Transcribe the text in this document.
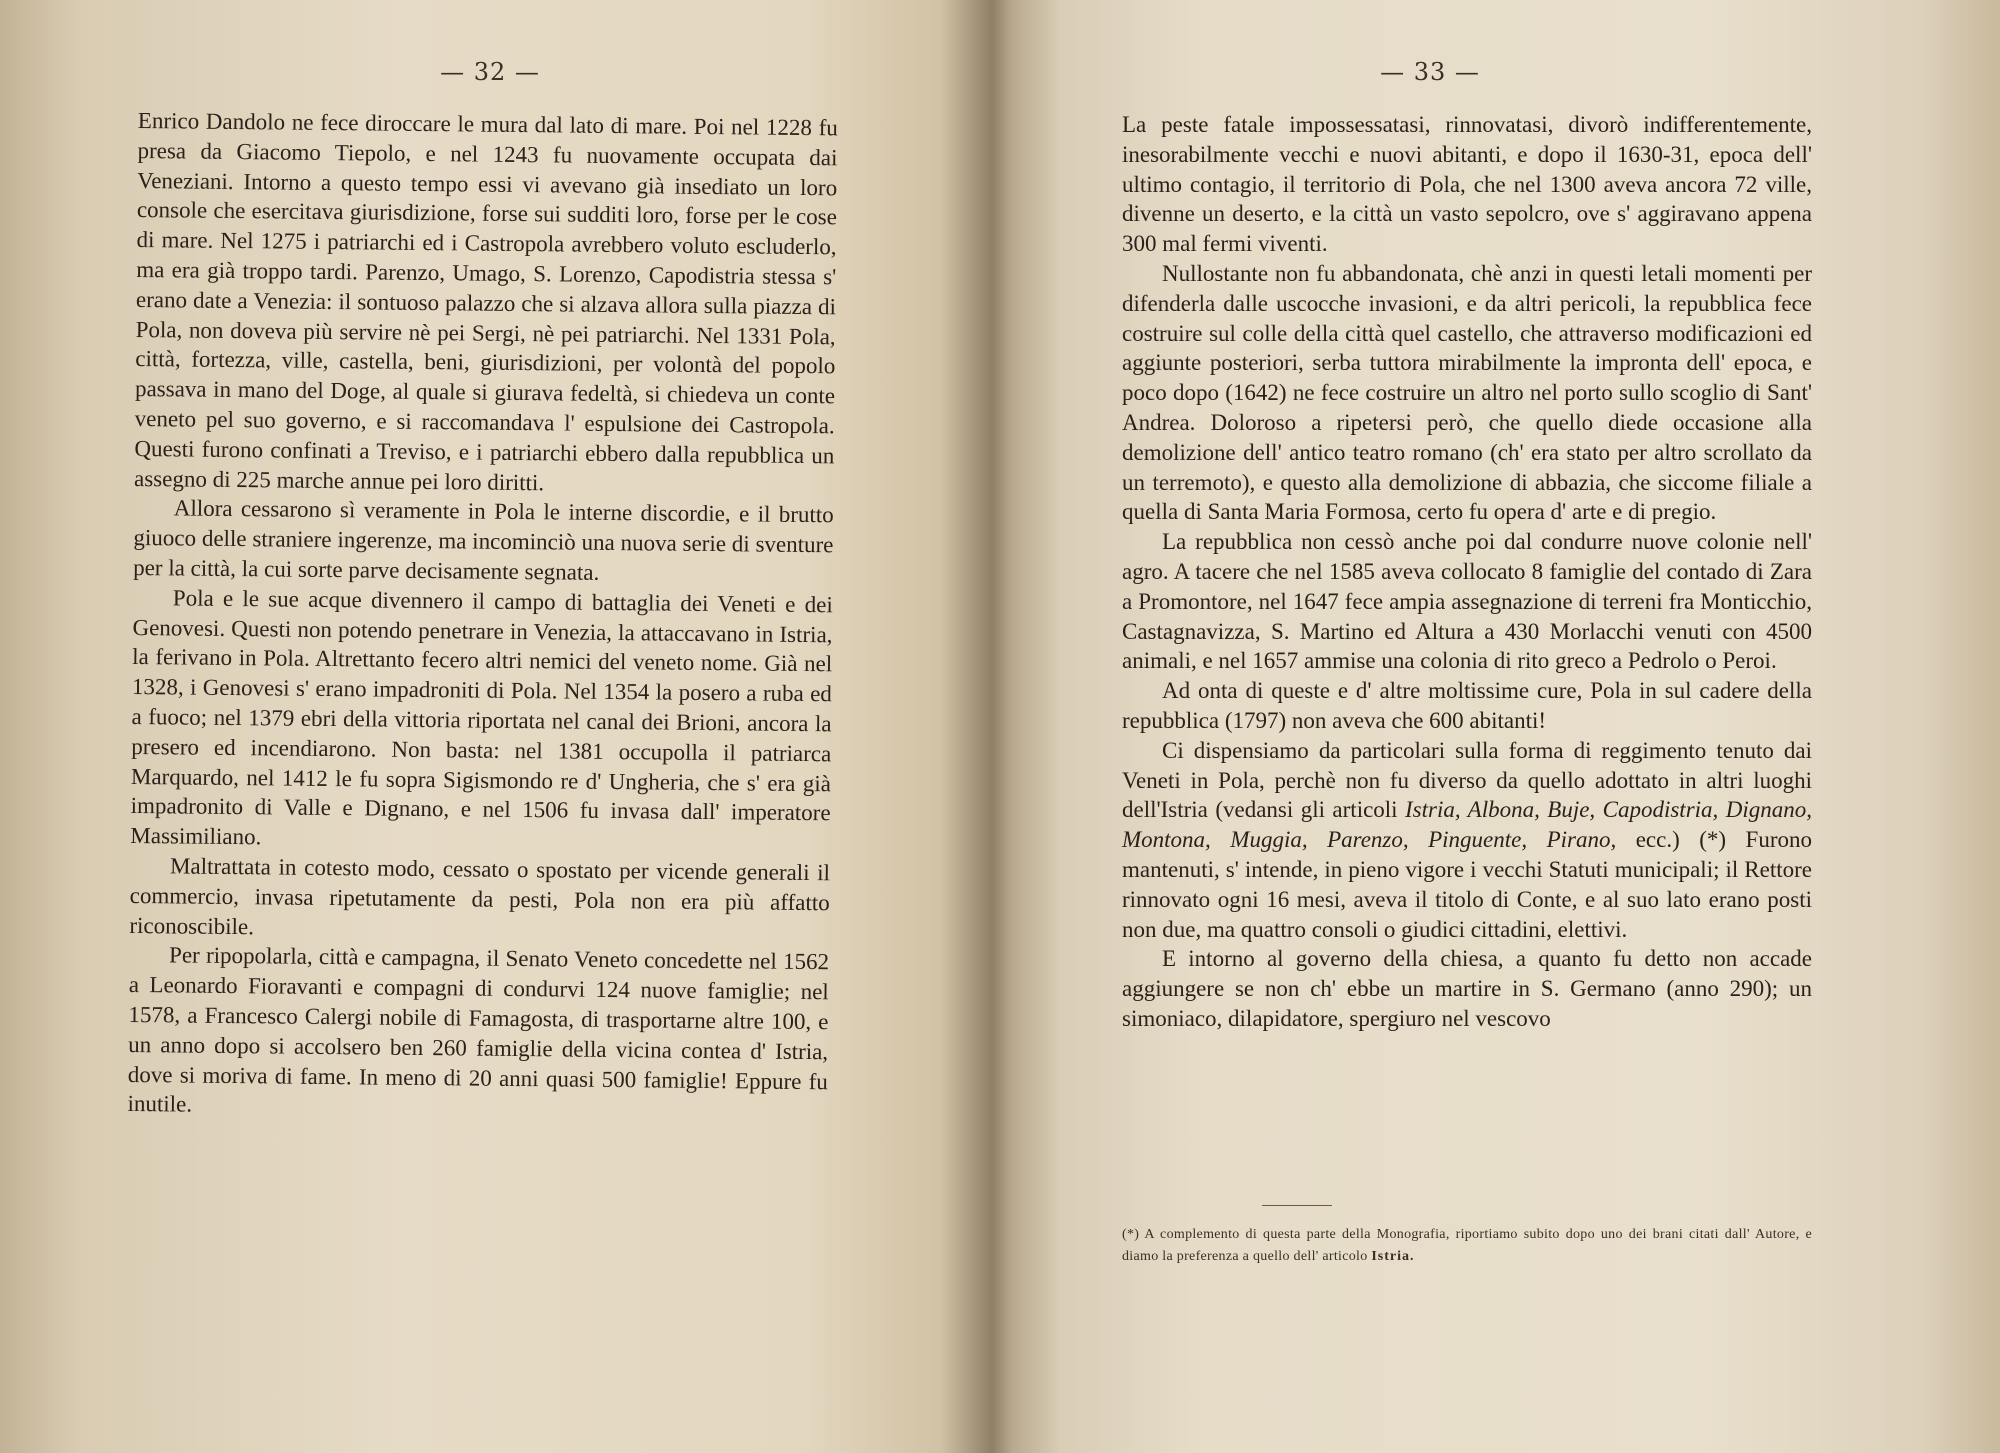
— 32 —

Enrico Dandolo ne fece diroccare le mura dal lato di mare. Poi nel 1228 fu presa da Giacomo Tiepolo, e nel 1243 fu nuovamente occupata dai Veneziani. Intorno a questo tempo essi vi avevano già insediato un loro console che esercitava giurisdizione, forse sui sudditi loro, forse per le cose di mare. Nel 1275 i patriarchi ed i Castropola avrebbero voluto escluderlo, ma era già troppo tardi. Parenzo, Umago, S. Lorenzo, Capodistria stessa s' erano date a Venezia: il sontuoso palazzo che si alzava allora sulla piazza di Pola, non doveva più servire nè pei Sergi, nè pei patriarchi. Nel 1331 Pola, città, fortezza, ville, castella, beni, giurisdizioni, per volontà del popolo passava in mano del Doge, al quale si giurava fedeltà, si chiedeva un conte veneto pel suo governo, e si raccomandava l' espulsione dei Castropola. Questi furono confinati a Treviso, e i patriarchi ebbero dalla repubblica un assegno di 225 marche annue pei loro diritti.

Allora cessarono sì veramente in Pola le interne discordie, e il brutto giuoco delle straniere ingerenze, ma incominciò una nuova serie di sventure per la città, la cui sorte parve decisamente segnata.

Pola e le sue acque divennero il campo di battaglia dei Veneti e dei Genovesi. Questi non potendo penetrare in Venezia, la attaccavano in Istria, la ferivano in Pola. Altrettanto fecero altri nemici del veneto nome. Già nel 1328, i Genovesi s' erano impadroniti di Pola. Nel 1354 la posero a ruba ed a fuoco; nel 1379 ebri della vittoria riportata nel canal dei Brioni, ancora la presero ed incendiarono. Non basta: nel 1381 occupolla il patriarca Marquardo, nel 1412 le fu sopra Sigismondo re d' Ungheria, che s' era già impadronito di Valle e Dignano, e nel 1506 fu invasa dall' imperatore Massimiliano.

Maltrattata in cotesto modo, cessato o spostato per vicende generali il commercio, invasa ripetutamente da pesti, Pola non era più affatto riconoscibile.

Per ripopolarla, città e campagna, il Senato Veneto concedette nel 1562 a Leonardo Fioravanti e compagni di condurvi 124 nuove famiglie; nel 1578, a Francesco Calergi nobile di Famagosta, di trasportarne altre 100, e un anno dopo si accolsero ben 260 famiglie della vicina contea d' Istria, dove si moriva di fame. In meno di 20 anni quasi 500 famiglie! Eppure fu inutile.

— 33 —

La peste fatale impossessatasi, rinnovatasi, divorò indifferentemente, inesorabilmente vecchi e nuovi abitanti, e dopo il 1630-31, epoca dell' ultimo contagio, il territorio di Pola, che nel 1300 aveva ancora 72 ville, divenne un deserto, e la città un vasto sepolcro, ove s' aggiravano appena 300 mal fermi viventi.

Nullostante non fu abbandonata, chè anzi in questi letali momenti per difenderla dalle uscocche invasioni, e da altri pericoli, la repubblica fece costruire sul colle della città quel castello, che attraverso modificazioni ed aggiunte posteriori, serba tuttora mirabilmente la impronta dell' epoca, e poco dopo (1642) ne fece costruire un altro nel porto sullo scoglio di Sant' Andrea. Doloroso a ripetersi però, che quello diede occasione alla demolizione dell' antico teatro romano (ch' era stato per altro scrollato da un terremoto), e questo alla demolizione di abbazia, che siccome filiale a quella di Santa Maria Formosa, certo fu opera d' arte e di pregio.

La repubblica non cessò anche poi dal condurre nuove colonie nell' agro. A tacere che nel 1585 aveva collocato 8 famiglie del contado di Zara a Promontore, nel 1647 fece ampia assegnazione di terreni fra Monticchio, Castagnavizza, S. Martino ed Altura a 430 Morlacchi venuti con 4500 animali, e nel 1657 ammise una colonia di rito greco a Pedrolo o Peroi.

Ad onta di queste e d' altre moltissime cure, Pola in sul cadere della repubblica (1797) non aveva che 600 abitanti!

Ci dispensiamo da particolari sulla forma di reggimento tenuto dai Veneti in Pola, perchè non fu diverso da quello adottato in altri luoghi dell'Istria (vedansi gli articoli Istria, Albona, Buje, Capodistria, Dignano, Montona, Muggia, Parenzo, Pinguente, Pirano, ecc.) (*) Furono mantenuti, s' intende, in pieno vigore i vecchi Statuti municipali; il Rettore rinnovato ogni 16 mesi, aveva il titolo di Conte, e al suo lato erano posti non due, ma quattro consoli o giudici cittadini, elettivi.

E intorno al governo della chiesa, a quanto fu detto non accade aggiungere se non ch' ebbe un martire in S. Germano (anno 290); un simoniaco, dilapidatore, spergiuro nel vescovo

(*) A complemento di questa parte della Monografia, riportiamo subito dopo uno dei brani citati dall' Autore, e diamo la preferenza a quello dell' articolo Istria.
